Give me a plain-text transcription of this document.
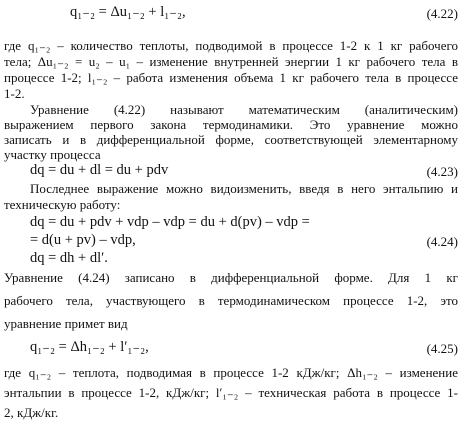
q₁₋₂ = Δu₁₋₂ + l₁₋₂,	(4.22)
где q₁₋₂ – количество теплоты, подводимой в процессе 1-2 к 1 кг рабочего
тела; Δu₁₋₂ = u₂ – u₁ – изменение внутренней энергии 1 кг рабочего тела в
процессе 1-2; l₁₋₂ – работа изменения объема 1 кг рабочего тела в процессе
1-2.
Уравнение (4.22) называют математическим (аналитическим)
выражением первого закона термодинамики. Это уравнение можно
записать и в дифференциальной форме, соответствующей элементарному
участку процесса
dq = du + dl = du + pdv	(4.23)
Последнее выражение можно видоизменить, введя в него энтальпию и
техническую работу:
dq = du + pdv + vdp – vdp = du + d(pv) – vdp =
= d(u + pv) – vdp,	(4.24)
dq = dh + dl′.
Уравнение (4.24) записано в дифференциальной форме. Для 1 кг
рабочего тела, участвующего в термодинамическом процессе 1-2, это
уравнение примет вид
q₁₋₂ = Δh₁₋₂ + l′₁₋₂,	(4.25)
где q₁₋₂ – теплота, подводимая в процессе 1-2 кДж/кг; Δh₁₋₂ – изменение
энтальпии в процессе 1-2, кДж/кг; l′₁₋₂ – техническая работа в процессе 1-
2, кДж/кг.
